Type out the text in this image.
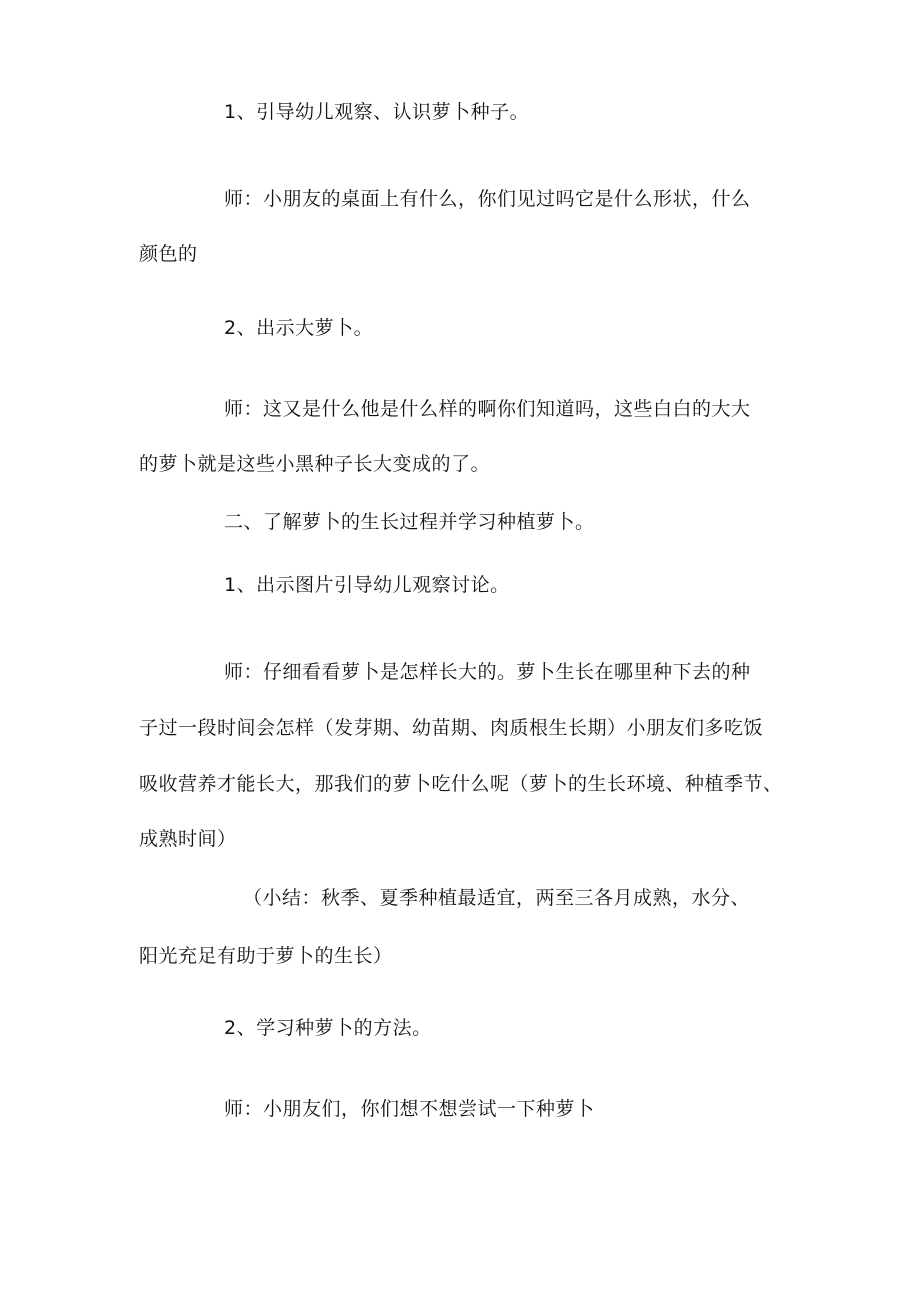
1、引导幼儿观察、认识萝卜种子。
师：小朋友的桌面上有什么，你们见过吗它是什么形状，什么
颜色的
2、出示大萝卜。
师：这又是什么他是什么样的啊你们知道吗，这些白白的大大
的萝卜就是这些小黑种子长大变成的了。
二、了解萝卜的生长过程并学习种植萝卜。
1、出示图片引导幼儿观察讨论。
师：仔细看看萝卜是怎样长大的。萝卜生长在哪里种下去的种
子过一段时间会怎样（发芽期、幼苗期、肉质根生长期）小朋友们多吃饭
吸收营养才能长大，那我们的萝卜吃什么呢（萝卜的生长环境、种植季节、
成熟时间）
（小结：秋季、夏季种植最适宜，两至三各月成熟，水分、
阳光充足有助于萝卜的生长）
2、学习种萝卜的方法。
师：小朋友们，你们想不想尝试一下种萝卜
